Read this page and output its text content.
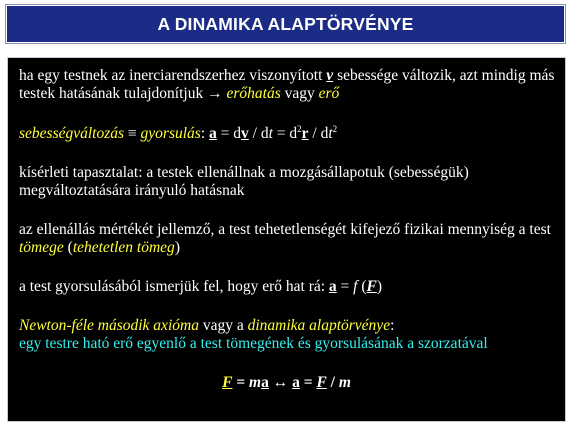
A DINAMIKA ALAPTÖRVÉNYE

ha egy testnek az inerciarendszerhez viszonyított v sebessége változik, azt mindig más testek hatásának tulajdonítjuk → erőhatás vagy erő

sebességváltozás ≡ gyorsulás: a = dv / dt = $d^2r / dt^2$

kísérleti tapasztalat: a testek ellenállnak a mozgásállapotuk (sebességük) megváltoztatására irányuló hatásnak

az ellenállás mértékét jellemző, a test tehetetlenségét kifejező fizikai mennyiség a test tömege (tehetetlen tömeg)

a test gyorsulásából ismerjük fel, hogy erő hat rá: a = f (F)

Newton-féle második axióma vagy a dinamika alaptörvénye:

egy testre ható erő egyenlő a test tömegének és gyorsulásának a szorzatával

F = ma ↔ a = F / m
